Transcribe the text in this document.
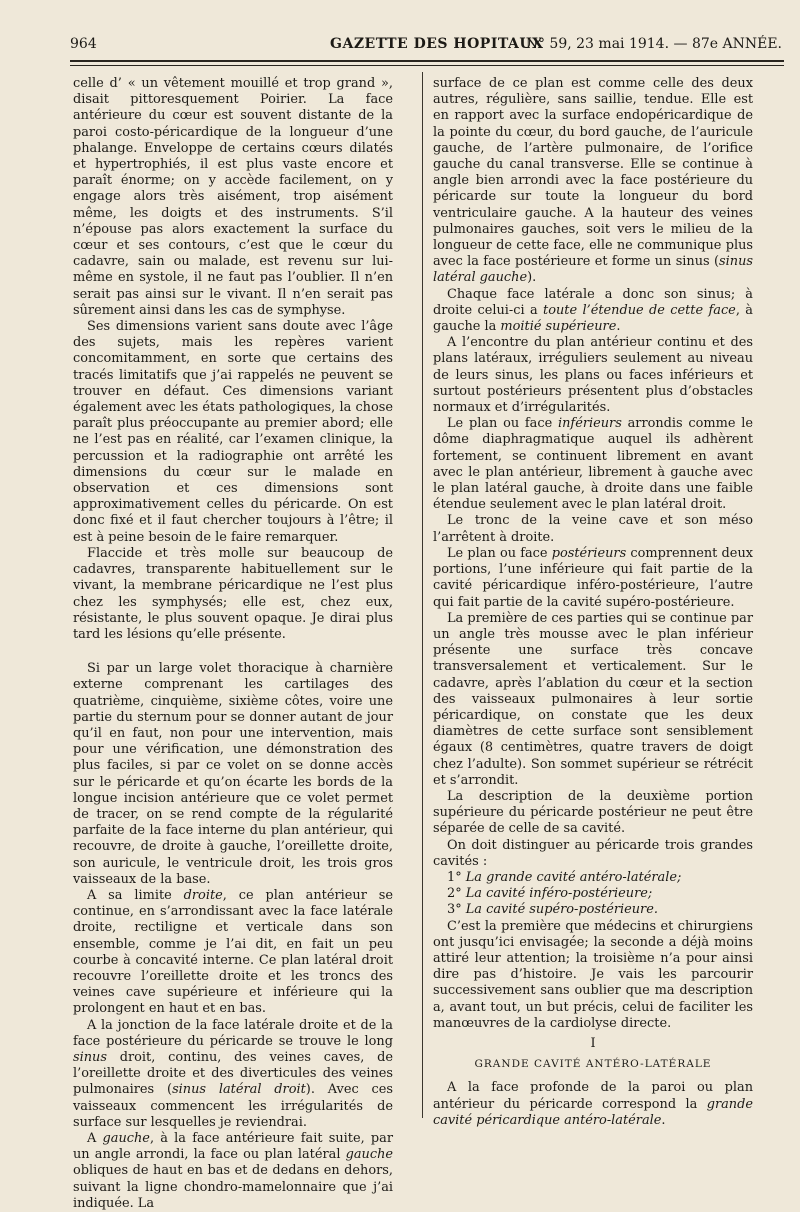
964	GAZETTE DES HOPITAUX
N° 59, 23 mai 1914. — 87e ANNÉE.

celle d’ « un vêtement mouillé et trop grand », disait pittoresquement Poirier. La face antérieure du cœur est souvent distante de la paroi costo-péricardique de la longueur d’une phalange. Enveloppe de certains cœurs dilatés et hypertrophiés, il est plus vaste encore et paraît énorme; on y accède facilement, on y engage alors très aisément, trop aisément même, les doigts et des instruments. S’il n’épouse pas alors exactement la surface du cœur et ses contours, c’est que le cœur du cadavre, sain ou malade, est revenu sur lui-même en systole, il ne faut pas l’oublier. Il n’en serait pas ainsi sur le vivant. Il n’en serait pas sûrement ainsi dans les cas de symphyse.

Ses dimensions varient sans doute avec l’âge des sujets, mais les repères varient concomitamment, en sorte que certains des tracés limitatifs que j’ai rappelés ne peuvent se trouver en défaut. Ces dimensions variant également avec les états pathologiques, la chose paraît plus préoccupante au premier abord; elle ne l’est pas en réalité, car l’examen clinique, la percussion et la radiographie ont arrêté les dimensions du cœur sur le malade en observation et ces dimensions sont approximativement celles du péricarde. On est donc fixé et il faut chercher toujours à l’être; il est à peine besoin de le faire remarquer.

Flaccide et très molle sur beaucoup de cadavres, transparente habituellement sur le vivant, la membrane péricardique ne l’est plus chez les symphysés; elle est, chez eux, résistante, le plus souvent opaque. Je dirai plus tard les lésions qu’elle présente.

Si par un large volet thoracique à charnière externe comprenant les cartilages des quatrième, cinquième, sixième côtes, voire une partie du sternum pour se donner autant de jour qu’il en faut, non pour une intervention, mais pour une vérification, une démonstration des plus faciles, si par ce volet on se donne accès sur le péricarde et qu’on écarte les bords de la longue incision antérieure que ce volet permet de tracer, on se rend compte de la régularité parfaite de la face interne du plan antérieur, qui recouvre, de droite à gauche, l’oreillette droite, son auricule, le ventricule droit, les trois gros vaisseaux de la base.

A sa limite droite, ce plan antérieur se continue, en s’arrondissant avec la face latérale droite, rectiligne et verticale dans son ensemble, comme je l’ai dit, en fait un peu courbe à concavité interne. Ce plan latéral droit recouvre l’oreillette droite et les troncs des veines cave supérieure et inférieure qui la prolongent en haut et en bas.

A la jonction de la face latérale droite et de la face postérieure du péricarde se trouve le long sinus droit, continu, des veines caves, de l’oreillette droite et des diverticules des veines pulmonaires (sinus latéral droit). Avec ces vaisseaux commencent les irrégularités de surface sur lesquelles je reviendrai.

A gauche, à la face antérieure fait suite, par un angle arrondi, la face ou plan latéral gauche obliques de haut en bas et de dedans en dehors, suivant la ligne chondro-mamelonnaire que j’ai indiquée. La

surface de ce plan est comme celle des deux autres, régulière, sans saillie, tendue. Elle est en rapport avec la surface endopéricardique de la pointe du cœur, du bord gauche, de l’auricule gauche, de l’artère pulmonaire, de l’orifice gauche du canal transverse. Elle se continue à angle bien arrondi avec la face postérieure du péricarde sur toute la longueur du bord ventriculaire gauche. A la hauteur des veines pulmonaires gauches, soit vers le milieu de la longueur de cette face, elle ne communique plus avec la face postérieure et forme un sinus (sinus latéral gauche).

Chaque face latérale a donc son sinus; à droite celui-ci a toute l’étendue de cette face, à gauche la moitié supérieure.

A l’encontre du plan antérieur continu et des plans latéraux, irréguliers seulement au niveau de leurs sinus, les plans ou faces inférieurs et surtout postérieurs présentent plus d’obstacles normaux et d’irrégularités.

Le plan ou face inférieurs arrondis comme le dôme diaphragmatique auquel ils adhèrent fortement, se continuent librement en avant avec le plan antérieur, librement à gauche avec le plan latéral gauche, à droite dans une faible étendue seulement avec le plan latéral droit.

Le tronc de la veine cave et son méso l’arrêtent à droite.

Le plan ou face postérieurs comprennent deux portions, l’une inférieure qui fait partie de la cavité péricardique inféro-postérieure, l’autre qui fait partie de la cavité supéro-postérieure.

La première de ces parties qui se continue par un angle très mousse avec le plan inférieur présente une surface très concave transversalement et verticalement. Sur le cadavre, après l’ablation du cœur et la section des vaisseaux pulmonaires à leur sortie péricardique, on constate que les deux diamètres de cette surface sont sensiblement égaux (8 centimètres, quatre travers de doigt chez l’adulte). Son sommet supérieur se rétrécit et s’arrondit.

La description de la deuxième portion supérieure du péricarde postérieur ne peut être séparée de celle de sa cavité.

On doit distinguer au péricarde trois grandes cavités :

1° La grande cavité antéro-latérale;

2° La cavité inféro-postérieure;

3° La cavité supéro-postérieure.

C’est la première que médecins et chirurgiens ont jusqu’ici envisagée; la seconde a déjà moins attiré leur attention; la troisième n’a pour ainsi dire pas d’histoire. Je vais les parcourir successivement sans oublier que ma description a, avant tout, un but précis, celui de faciliter les manœuvres de la cardiolyse directe.

I
GRANDE CAVITÉ ANTÉRO-LATÉRALE

A la face profonde de la paroi ou plan antérieur du péricarde correspond la grande cavité péricardique antéro-latérale.
